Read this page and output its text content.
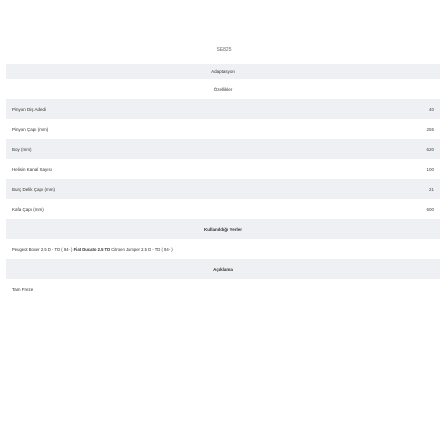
SE825
Adaptasyon
Özellikler
Pinyon Diş Adedi	40
Pinyon Çapı (mm)	255
Boy (mm)	620
Helisin Kanal Sayısı	100
Burç Delik Çapı (mm)	21
Kafa Çapı (mm)	600
Kullanıldığı Yerler
Peugeot Boxer 2.5 D - TD ( 94- ) Fiat Ducato 2.5 TD Citroen Jumper 2.5 D - TD ( 94- )
Açıklama
Tam Freze
